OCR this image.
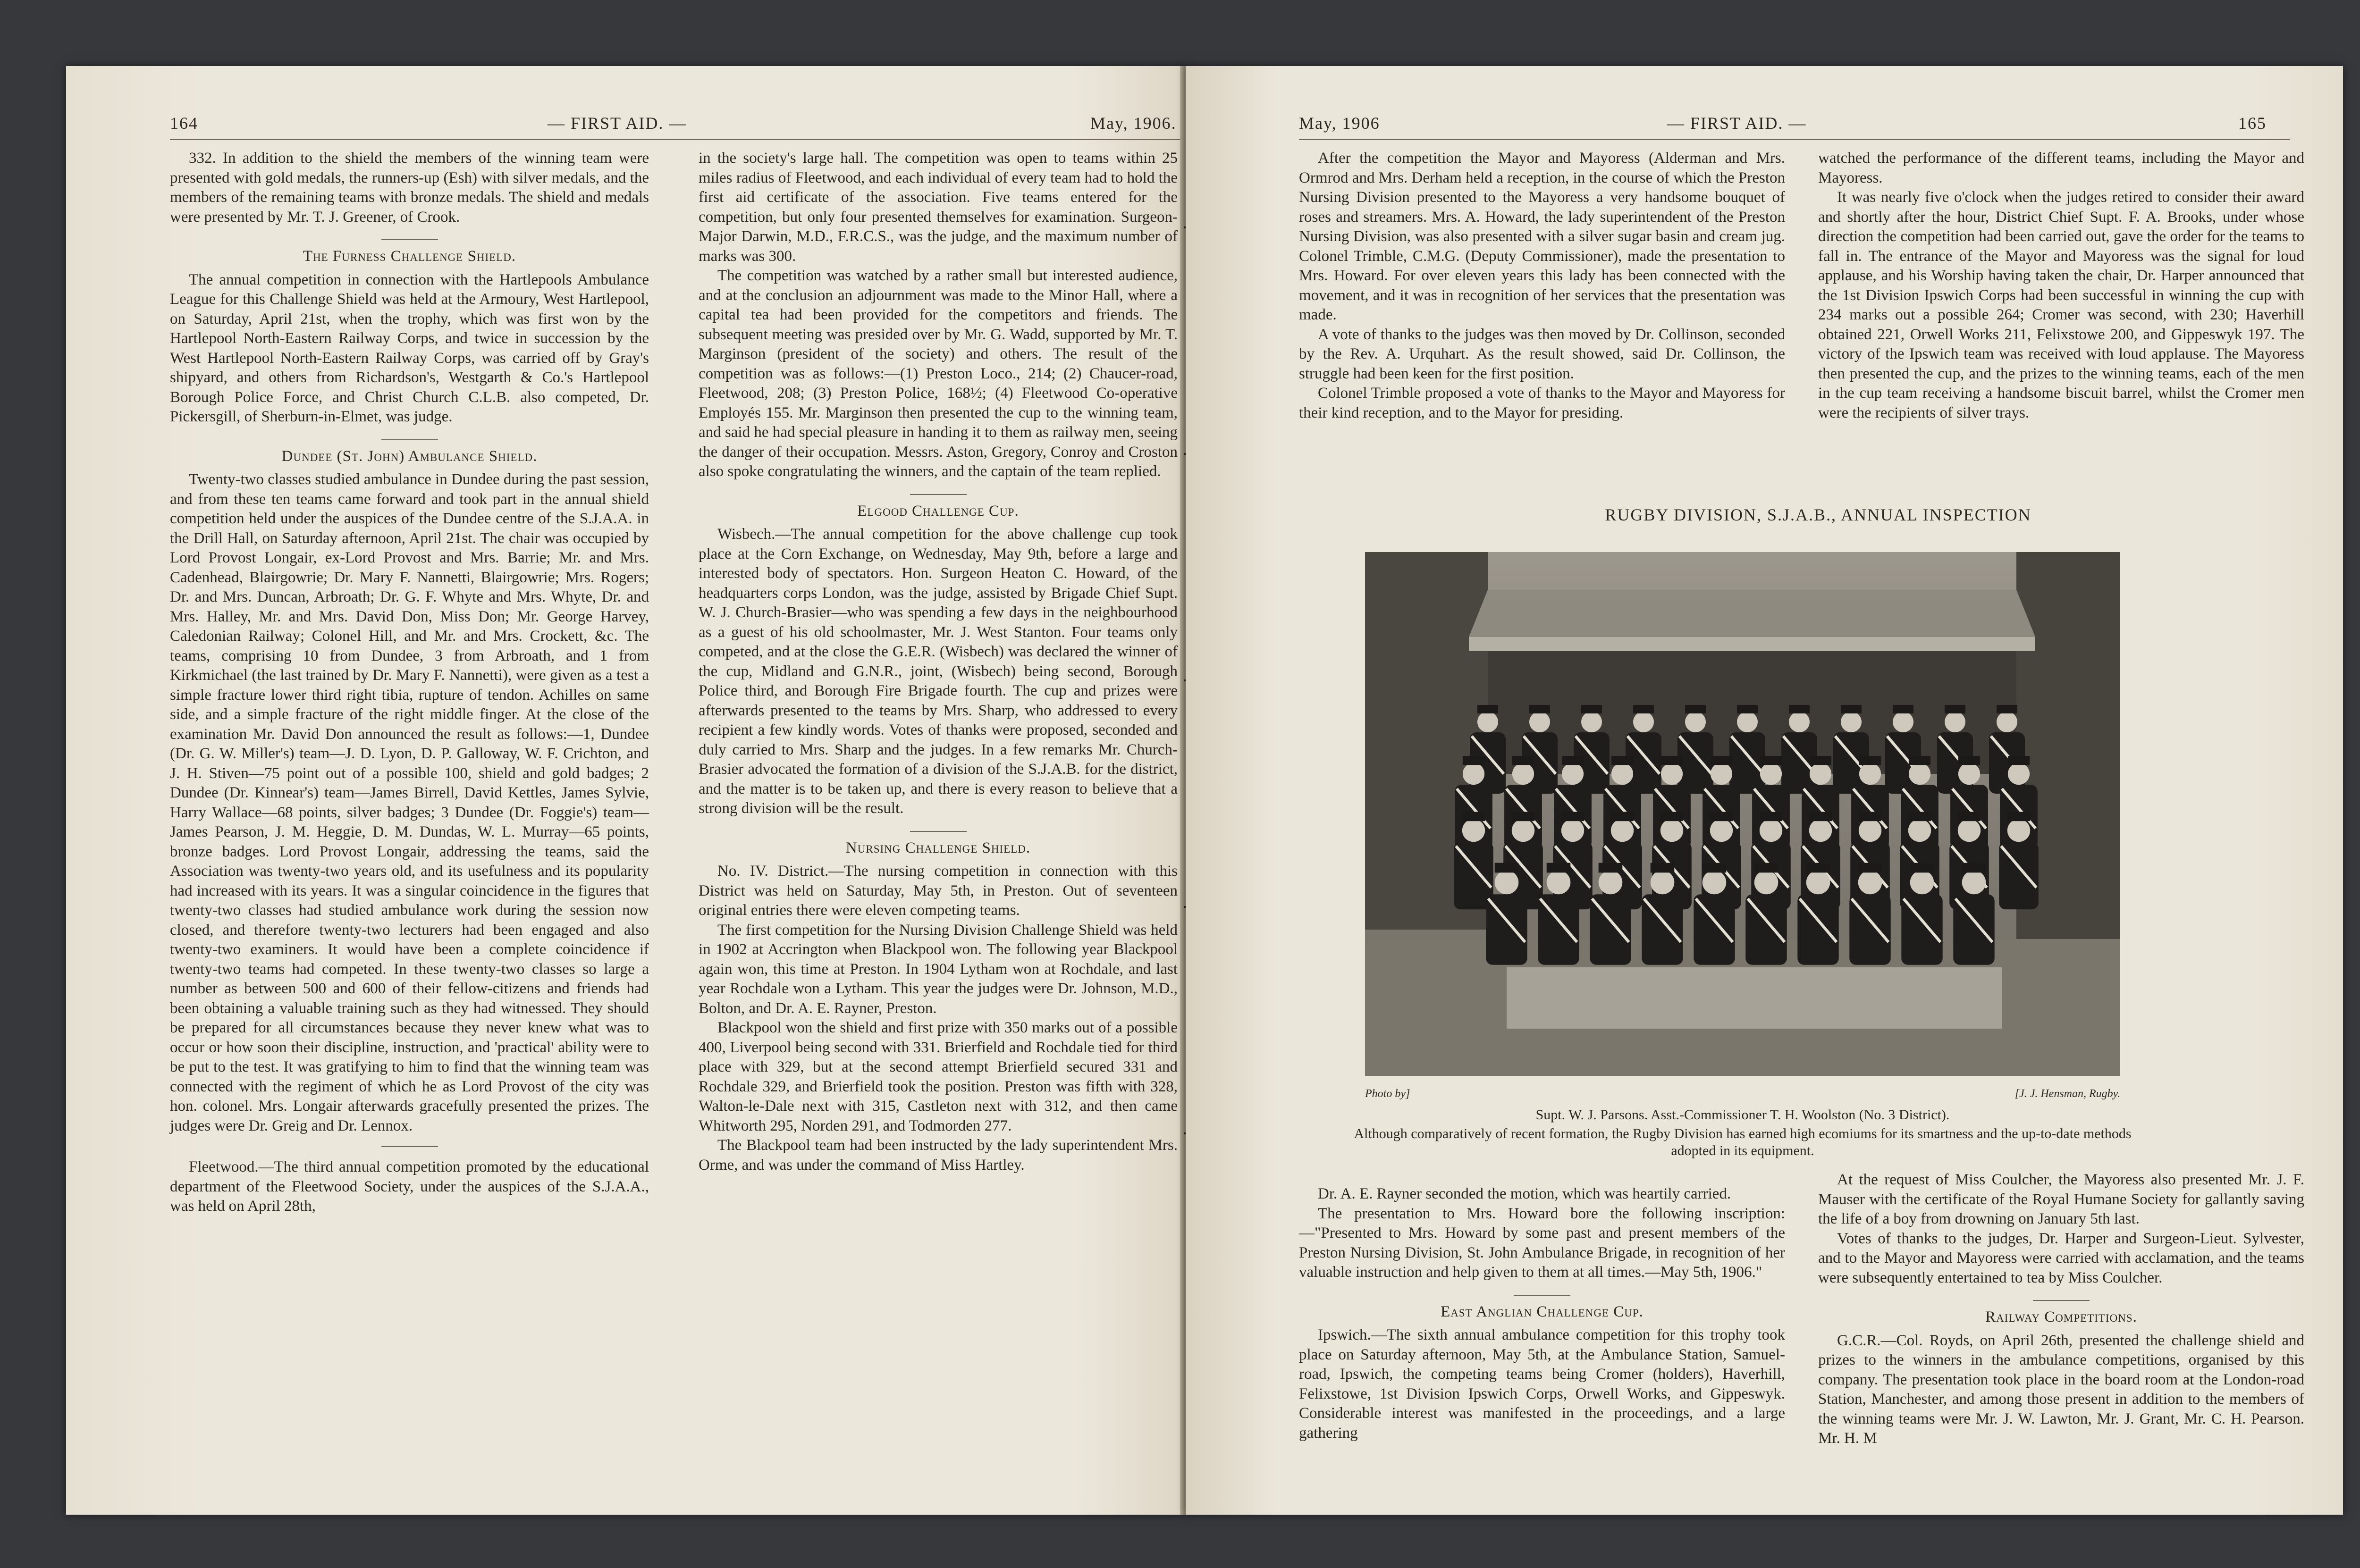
164	— FIRST AID. —	May, 1906.

332. In addition to the shield the members of the winning team were presented with gold medals, the runners-up (Esh) with silver medals, and the members of the remaining teams with bronze medals. The shield and medals were presented by Mr. T. J. Greener, of Crook.

The Furness Challenge Shield.

The annual competition in connection with the Hartlepools Ambulance League for this Challenge Shield was held at the Armoury, West Hartlepool, on Saturday, April 21st, when the trophy, which was first won by the Hartlepool North-Eastern Railway Corps, and twice in succession by the West Hartlepool North-Eastern Railway Corps, was carried off by Gray's shipyard, and others from Richardson's, Westgarth & Co.'s Hartlepool Borough Police Force, and Christ Church C.L.B. also competed, Dr. Pickersgill, of Sherburn-in-Elmet, was judge.

Dundee (St. John) Ambulance Shield.

Twenty-two classes studied ambulance in Dundee during the past session, and from these ten teams came forward and took part in the annual shield competition held under the auspices of the Dundee centre of the S.J.A.A. in the Drill Hall, on Saturday afternoon, April 21st. The chair was occupied by Lord Provost Longair, ex-Lord Provost and Mrs. Barrie; Mr. and Mrs. Cadenhead, Blairgowrie; Dr. Mary F. Nannetti, Blairgowrie; Mrs. Rogers; Dr. and Mrs. Duncan, Arbroath; Dr. G. F. Whyte and Mrs. Whyte, Dr. and Mrs. Halley, Mr. and Mrs. David Don, Miss Don; Mr. George Harvey, Caledonian Railway; Colonel Hill, and Mr. and Mrs. Crockett, &c. The teams, comprising 10 from Dundee, 3 from Arbroath, and 1 from Kirkmichael (the last trained by Dr. Mary F. Nannetti), were given as a test a simple fracture lower third right tibia, rupture of tendon. Achilles on same side, and a simple fracture of the right middle finger. At the close of the examination Mr. David Don announced the result as follows:—1, Dundee (Dr. G. W. Miller's) team—J. D. Lyon, D. P. Galloway, W. F. Crichton, and J. H. Stiven—75 point out of a possible 100, shield and gold badges; 2 Dundee (Dr. Kinnear's) team—James Birrell, David Kettles, James Sylvie, Harry Wallace—68 points, silver badges; 3 Dundee (Dr. Foggie's) team—James Pearson, J. M. Heggie, D. M. Dundas, W. L. Murray—65 points, bronze badges. Lord Provost Longair, addressing the teams, said the Association was twenty-two years old, and its usefulness and its popularity had increased with its years. It was a singular coincidence in the figures that twenty-two classes had studied ambulance work during the session now closed, and therefore twenty-two lecturers had been engaged and also twenty-two examiners. It would have been a complete coincidence if twenty-two teams had competed. In these twenty-two classes so large a number as between 500 and 600 of their fellow-citizens and friends had been obtaining a valuable training such as they had witnessed. They should be prepared for all circumstances because they never knew what was to occur or how soon their discipline, instruction, and 'practical' ability were to be put to the test. It was gratifying to him to find that the winning team was connected with the regiment of which he as Lord Provost of the city was hon. colonel. Mrs. Longair afterwards gracefully presented the prizes. The judges were Dr. Greig and Dr. Lennox.

Fleetwood.—The third annual competition promoted by the educational department of the Fleetwood Society, under the auspices of the S.J.A.A., was held on April 28th,

in the society's large hall. The competition was open to teams within 25 miles radius of Fleetwood, and each individual of every team had to hold the first aid certificate of the association. Five teams entered for the competition, but only four presented themselves for examination. Surgeon-Major Darwin, M.D., F.R.C.S., was the judge, and the maximum number of marks was 300.

The competition was watched by a rather small but interested audience, and at the conclusion an adjournment was made to the Minor Hall, where a capital tea had been provided for the competitors and friends. The subsequent meeting was presided over by Mr. G. Wadd, supported by Mr. T. Marginson (president of the society) and others. The result of the competition was as follows:—(1) Preston Loco., 214; (2) Chaucer-road, Fleetwood, 208; (3) Preston Police, 168½; (4) Fleetwood Co-operative Employés 155. Mr. Marginson then presented the cup to the winning team, and said he had special pleasure in handing it to them as railway men, seeing the danger of their occupation. Messrs. Aston, Gregory, Conroy and Croston also spoke congratulating the winners, and the captain of the team replied.

Elgood Challenge Cup.

Wisbech.—The annual competition for the above challenge cup took place at the Corn Exchange, on Wednesday, May 9th, before a large and interested body of spectators. Hon. Surgeon Heaton C. Howard, of the headquarters corps London, was the judge, assisted by Brigade Chief Supt. W. J. Church-Brasier—who was spending a few days in the neighbourhood as a guest of his old schoolmaster, Mr. J. West Stanton. Four teams only competed, and at the close the G.E.R. (Wisbech) was declared the winner of the cup, Midland and G.N.R., joint, (Wisbech) being second, Borough Police third, and Borough Fire Brigade fourth. The cup and prizes were afterwards presented to the teams by Mrs. Sharp, who addressed to every recipient a few kindly words. Votes of thanks were proposed, seconded and duly carried to Mrs. Sharp and the judges. In a few remarks Mr. Church-Brasier advocated the formation of a division of the S.J.A.B. for the district, and the matter is to be taken up, and there is every reason to believe that a strong division will be the result.

Nursing Challenge Shield.

No. IV. District.—The nursing competition in connection with this District was held on Saturday, May 5th, in Preston. Out of seventeen original entries there were eleven competing teams.

The first competition for the Nursing Division Challenge Shield was held in 1902 at Accrington when Blackpool won. The following year Blackpool again won, this time at Preston. In 1904 Lytham won at Rochdale, and last year Rochdale won a Lytham. This year the judges were Dr. Johnson, M.D., Bolton, and Dr. A. E. Rayner, Preston.

Blackpool won the shield and first prize with 350 marks out of a possible 400, Liverpool being second with 331. Brierfield and Rochdale tied for third place with 329, but at the second attempt Brierfield secured 331 and Rochdale 329, and Brierfield took the position. Preston was fifth with 328, Walton-le-Dale next with 315, Castleton next with 312, and then came Whitworth 295, Norden 291, and Todmorden 277.

The Blackpool team had been instructed by the lady superintendent Mrs. Orme, and was under the command of Miss Hartley.

May, 1906	— FIRST AID. —	165

After the competition the Mayor and Mayoress (Alderman and Mrs. Ormrod and Mrs. Derham held a reception, in the course of which the Preston Nursing Division presented to the Mayoress a very handsome bouquet of roses and streamers. Mrs. A. Howard, the lady superintendent of the Preston Nursing Division, was also presented with a silver sugar basin and cream jug. Colonel Trimble, C.M.G. (Deputy Commissioner), made the presentation to Mrs. Howard. For over eleven years this lady has been connected with the movement, and it was in recognition of her services that the presentation was made.

A vote of thanks to the judges was then moved by Dr. Collinson, seconded by the Rev. A. Urquhart. As the result showed, said Dr. Collinson, the struggle had been keen for the first position.

Colonel Trimble proposed a vote of thanks to the Mayor and Mayoress for their kind reception, and to the Mayor for presiding.

watched the performance of the different teams, including the Mayor and Mayoress.

It was nearly five o'clock when the judges retired to consider their award and shortly after the hour, District Chief Supt. F. A. Brooks, under whose direction the competition had been carried out, gave the order for the teams to fall in. The entrance of the Mayor and Mayoress was the signal for loud applause, and his Worship having taken the chair, Dr. Harper announced that the 1st Division Ipswich Corps had been successful in winning the cup with 234 marks out a possible 264; Cromer was second, with 230; Haverhill obtained 221, Orwell Works 211, Felixstowe 200, and Gippeswyk 197. The victory of the Ipswich team was received with loud applause. The Mayoress then presented the cup, and the prizes to the winning teams, each of the men in the cup team receiving a handsome biscuit barrel, whilst the Cromer men were the recipients of silver trays.

RUGBY DIVISION, S.J.A.B., ANNUAL INSPECTION
Photo by]	[J. J. Hensman, Rugby.
Supt. W. J. Parsons. Asst.-Commissioner T. H. Woolston (No. 3 District).
Although comparatively of recent formation, the Rugby Division has earned high ecomiums for its smartness and the up-to-date methods adopted in its equipment.

Dr. A. E. Rayner seconded the motion, which was heartily carried.

The presentation to Mrs. Howard bore the following inscription:—"Presented to Mrs. Howard by some past and present members of the Preston Nursing Division, St. John Ambulance Brigade, in recognition of her valuable instruction and help given to them at all times.—May 5th, 1906."

East Anglian Challenge Cup.

Ipswich.—The sixth annual ambulance competition for this trophy took place on Saturday afternoon, May 5th, at the Ambulance Station, Samuel-road, Ipswich, the competing teams being Cromer (holders), Haverhill, Felixstowe, 1st Division Ipswich Corps, Orwell Works, and Gippeswyk. Considerable interest was manifested in the proceedings, and a large gathering

At the request of Miss Coulcher, the Mayoress also presented Mr. J. F. Mauser with the certificate of the Royal Humane Society for gallantly saving the life of a boy from drowning on January 5th last.

Votes of thanks to the judges, Dr. Harper and Surgeon-Lieut. Sylvester, and to the Mayor and Mayoress were carried with acclamation, and the teams were subsequently entertained to tea by Miss Coulcher.

Railway Competitions.

G.C.R.—Col. Royds, on April 26th, presented the challenge shield and prizes to the winners in the ambulance competitions, organised by this company. The presentation took place in the board room at the London-road Station, Manchester, and among those present in addition to the members of the winning teams were Mr. J. W. Lawton, Mr. J. Grant, Mr. C. H. Pearson. Mr. H. M
